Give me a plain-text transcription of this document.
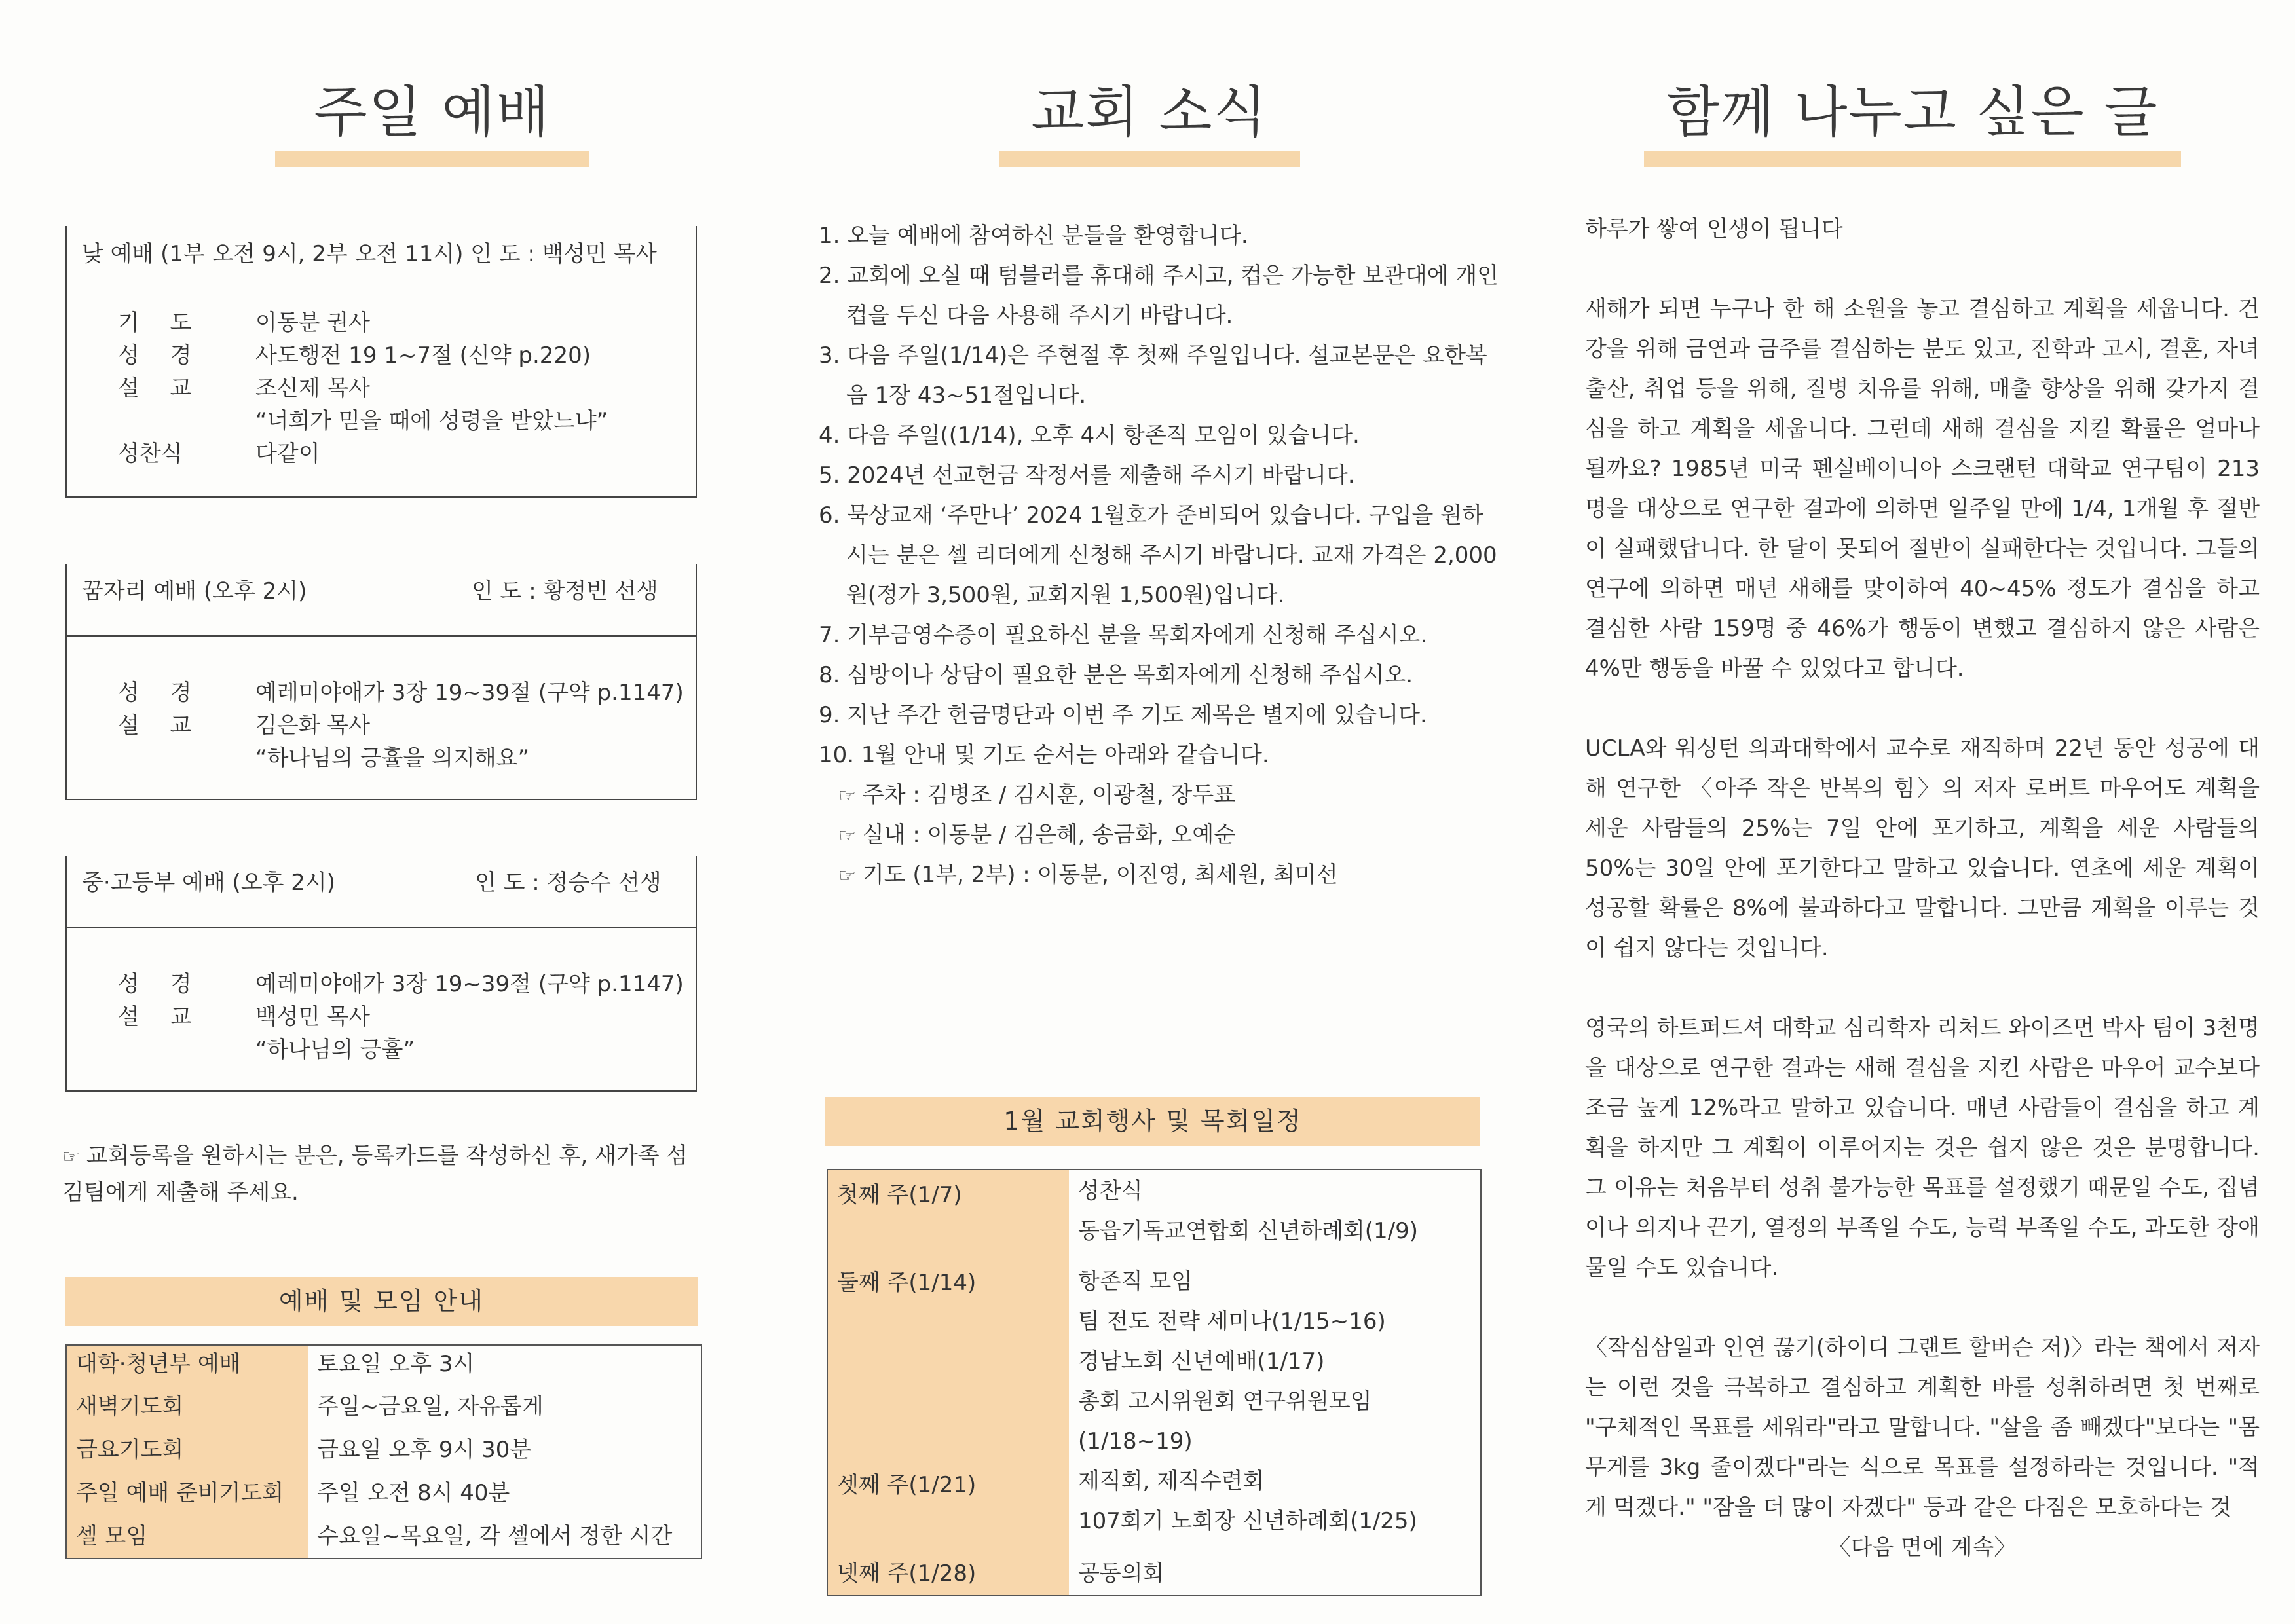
주일 예배
낮 예배 (1부 오전 9시, 2부 오전 11시) 인 도 : 백성민 목사
기 도 이동분 권사
성 경 사도행전 19 1~7절 (신약 p.220)
설 교 조신제 목사
“너희가 믿을 때에 성령을 받았느냐”
성찬식	다같이
꿈자리 예배 (오후 2시)	인 도 : 황정빈 선생
성 경 예레미야애가 3장 19~39절 (구약 p.1147)
설 교 김은화 목사
“하나님의 긍휼을 의지해요”
중·고등부 예배 (오후 2시)	인 도 : 정승수 선생
성 경 예레미야애가 3장 19~39절 (구약 p.1147)
설 교 백성민 목사
“하나님의 긍휼”
☞ 교회등록을 원하시는 분은, 등록카드를 작성하신 후, 새가족 섬김팀에게 제출해 주세요.
예배 및 모임 안내
대학·청년부 예배	토요일 오후 3시
새벽기도회	주일~금요일, 자유롭게
금요기도회	금요일 오후 9시 30분
주일 예배 준비기도회	주일 오전 8시 40분
셀 모임	수요일~목요일, 각 셀에서 정한 시간
교회 소식
1. 오늘 예배에 참여하신 분들을 환영합니다.
2. 교회에 오실 때 텀블러를 휴대해 주시고, 컵은 가능한 보관대에 개인컵을 두신 다음 사용해 주시기 바랍니다.
3. 다음 주일(1/14)은 주현절 후 첫째 주일입니다. 설교본문은 요한복음 1장 43~51절입니다.
4. 다음 주일((1/14), 오후 4시 항존직 모임이 있습니다.
5. 2024년 선교헌금 작정서를 제출해 주시기 바랍니다.
6. 묵상교재 ‘주만나’ 2024 1월호가 준비되어 있습니다. 구입을 원하시는 분은 셀 리더에게 신청해 주시기 바랍니다. 교재 가격은 2,000원(정가 3,500원, 교회지원 1,500원)입니다.
7. 기부금영수증이 필요하신 분을 목회자에게 신청해 주십시오.
8. 심방이나 상담이 필요한 분은 목회자에게 신청해 주십시오.
9. 지난 주간 헌금명단과 이번 주 기도 제목은 별지에 있습니다.
10. 1월 안내 및 기도 순서는 아래와 같습니다.
☞ 주차 : 김병조 / 김시훈, 이광철, 장두표
☞ 실내 : 이동분 / 김은혜, 송금화, 오예순
☞ 기도 (1부, 2부) : 이동분, 이진영, 최세원, 최미선
1월 교회행사 및 목회일정
첫째 주(1/7)	성찬식
동읍기독교연합회 신년하례회(1/9)

둘째 주(1/14)	항존직 모임
팀 전도 전략 세미나(1/15~16)
경남노회 신년예배(1/17)
총회 고시위원회 연구위원모임(1/18~19)

셋째 주(1/21)	제직회, 제직수련회
107회기 노회장 신년하례회(1/25)

넷째 주(1/28)	공동의회
함께 나누고 싶은 글
하루가 쌓여 인생이 됩니다

새해가 되면 누구나 한 해 소원을 놓고 결심하고 계획을 세웁니다. 건강을 위해 금연과 금주를 결심하는 분도 있고, 진학과 고시, 결혼, 자녀 출산, 취업 등을 위해, 질병 치유를 위해, 매출 향상을 위해 갖가지 결심을 하고 계획을 세웁니다. 그런데 새해 결심을 지킬 확률은 얼마나 될까요? 1985년 미국 펜실베이니아 스크랜턴 대학교 연구팀이 213명을 대상으로 연구한 결과에 의하면 일주일 만에 1/4, 1개월 후 절반이 실패했답니다. 한 달이 못되어 절반이 실패한다는 것입니다. 그들의 연구에 의하면 매년 새해를 맞이하여 40~45% 정도가 결심을 하고 결심한 사람 159명 중 46%가 행동이 변했고 결심하지 않은 사람은 4%만 행동을 바꿀 수 있었다고 합니다.

UCLA와 워싱턴 의과대학에서 교수로 재직하며 22년 동안 성공에 대해 연구한 〈아주 작은 반복의 힘〉의 저자 로버트 마우어도 계획을 세운 사람들의 25%는 7일 안에 포기하고, 계획을 세운 사람들의 50%는 30일 안에 포기한다고 말하고 있습니다. 연초에 세운 계획이 성공할 확률은 8%에 불과하다고 말합니다. 그만큼 계획을 이루는 것이 쉽지 않다는 것입니다.

영국의 하트퍼드셔 대학교 심리학자 리처드 와이즈먼 박사 팀이 3천명을 대상으로 연구한 결과는 새해 결심을 지킨 사람은 마우어 교수보다 조금 높게 12%라고 말하고 있습니다. 매년 사람들이 결심을 하고 계획을 하지만 그 계획이 이루어지는 것은 쉽지 않은 것은 분명합니다. 그 이유는 처음부터 성취 불가능한 목표를 설정했기 때문일 수도, 집념이나 의지나 끈기, 열정의 부족일 수도, 능력 부족일 수도, 과도한 장애물일 수도 있습니다.

〈작심삼일과 인연 끊기(하이디 그랜트 할버슨 저)〉라는 책에서 저자는 이런 것을 극복하고 결심하고 계획한 바를 성취하려면 첫 번째로 "구체적인 목표를 세워라"라고 말합니다. "살을 좀 빼겠다"보다는 "몸무게를 3kg 줄이겠다"라는 식으로 목표를 설정하라는 것입니다. "적게 먹겠다." "잠을 더 많이 자겠다" 등과 같은 다짐은 모호하다는 것

〈다음 면에 계속〉
